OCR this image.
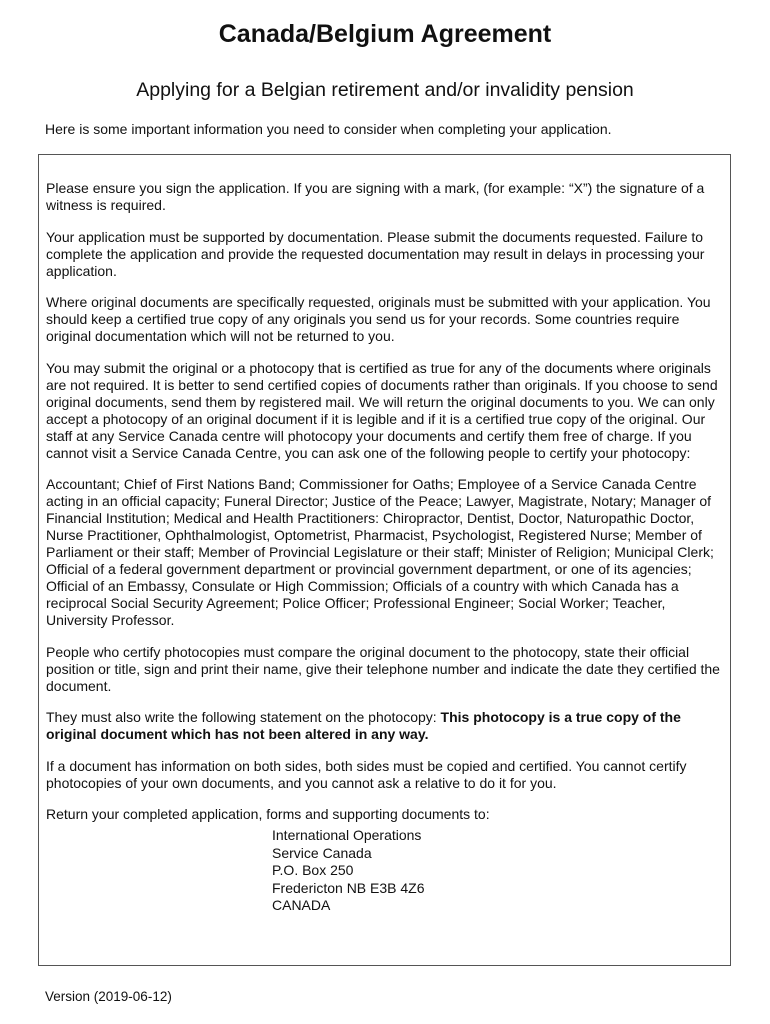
Canada/Belgium Agreement
Applying for a Belgian retirement and/or invalidity pension

Here is some important information you need to consider when completing your application.

Please ensure you sign the application. If you are signing with a mark, (for example: “X”) the signature of a witness is required.

Your application must be supported by documentation. Please submit the documents requested. Failure to complete the application and provide the requested documentation may result in delays in processing your application.

Where original documents are specifically requested, originals must be submitted with your application. You should keep a certified true copy of any originals you send us for your records. Some countries require original documentation which will not be returned to you.

You may submit the original or a photocopy that is certified as true for any of the documents where originals are not required. It is better to send certified copies of documents rather than originals. If you choose to send original documents, send them by registered mail. We will return the original documents to you. We can only accept a photocopy of an original document if it is legible and if it is a certified true copy of the original. Our staff at any Service Canada centre will photocopy your documents and certify them free of charge. If you cannot visit a Service Canada Centre, you can ask one of the following people to certify your photocopy:

Accountant; Chief of First Nations Band; Commissioner for Oaths; Employee of a Service Canada Centre acting in an official capacity; Funeral Director; Justice of the Peace; Lawyer, Magistrate, Notary; Manager of Financial Institution; Medical and Health Practitioners: Chiropractor, Dentist, Doctor, Naturopathic Doctor, Nurse Practitioner, Ophthalmologist, Optometrist, Pharmacist, Psychologist, Registered Nurse; Member of Parliament or their staff; Member of Provincial Legislature or their staff; Minister of Religion; Municipal Clerk; Official of a federal government department or provincial government department, or one of its agencies; Official of an Embassy, Consulate or High Commission; Officials of a country with which Canada has a reciprocal Social Security Agreement; Police Officer; Professional Engineer; Social Worker; Teacher, University Professor.

People who certify photocopies must compare the original document to the photocopy, state their official position or title, sign and print their name, give their telephone number and indicate the date they certified the document.

They must also write the following statement on the photocopy: This photocopy is a true copy of the original document which has not been altered in any way.

If a document has information on both sides, both sides must be copied and certified. You cannot certify photocopies of your own documents, and you cannot ask a relative to do it for you.

Return your completed application, forms and supporting documents to:

International Operations
Service Canada
P.O. Box 250
Fredericton NB E3B 4Z6
CANADA

Version (2019-06-12)
